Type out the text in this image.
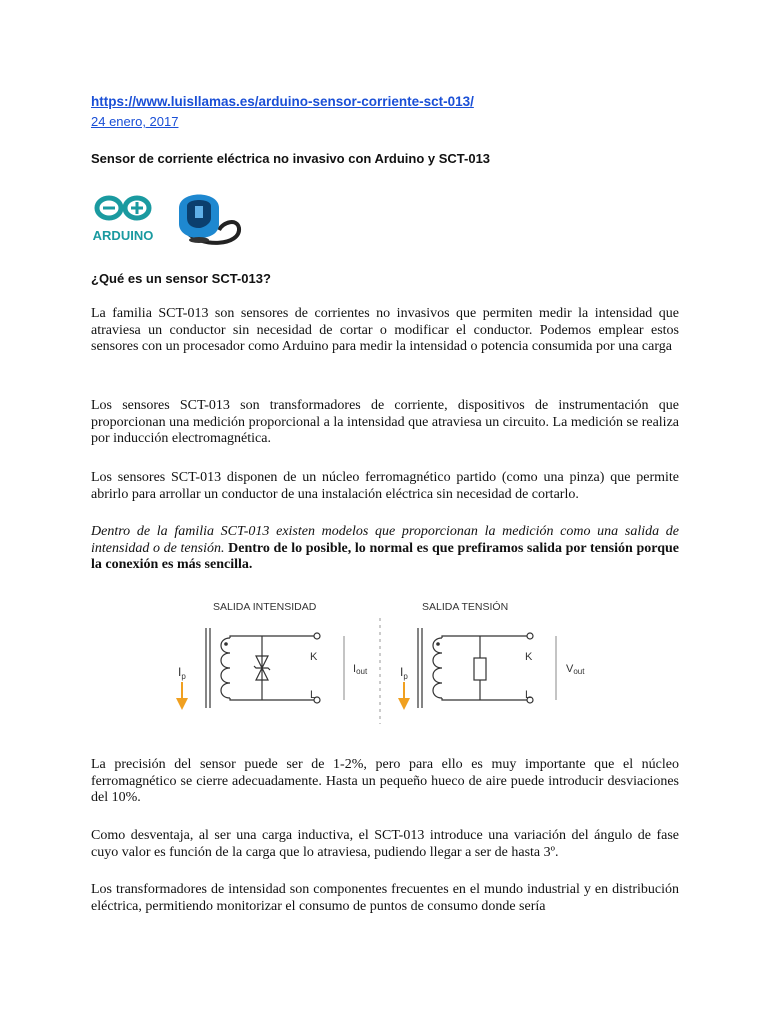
https://www.luisllamas.es/arduino-sensor-corriente-sct-013/
24 enero, 2017
Sensor de corriente eléctrica no invasivo con Arduino y SCT-013
ARDUINO
¿Qué es un sensor SCT-013?

La familia SCT-013 son sensores de corrientes no invasivos que permiten medir la intensidad que atraviesa un conductor sin necesidad de cortar o modificar el conductor. Podemos emplear estos sensores con un procesador como Arduino para medir la intensidad o potencia consumida por una carga

Los sensores SCT-013 son transformadores de corriente, dispositivos de instrumentación que proporcionan una medición proporcional a la intensidad que atraviesa un circuito. La medición se realiza por inducción electromagnética.

Los sensores SCT-013 disponen de un núcleo ferromagnético partido (como una pinza) que permite abrirlo para arrollar un conductor de una instalación eléctrica sin necesidad de cortarlo.

Dentro de la familia SCT-013 existen modelos que proporcionan la medición como una salida de intensidad o de tensión. Dentro de lo posible, lo normal es que prefiramos salida por tensión porque la conexión es más sencilla.

SALIDA INTENSIDAD	SALIDA TENSIÓN
$I_p$
K
L
Iout	$I_p$
K
L
Vout

La precisión del sensor puede ser de 1-2%, pero para ello es muy importante que el núcleo ferromagnético se cierre adecuadamente. Hasta un pequeño hueco de aire puede introducir desviaciones del 10%.

Como desventaja, al ser una carga inductiva, el SCT-013 introduce una variación del ángulo de fase cuyo valor es función de la carga que lo atraviesa, pudiendo llegar a ser de hasta 3º.

Los transformadores de intensidad son componentes frecuentes en el mundo industrial y en distribución eléctrica, permitiendo monitorizar el consumo de puntos de consumo donde sería
